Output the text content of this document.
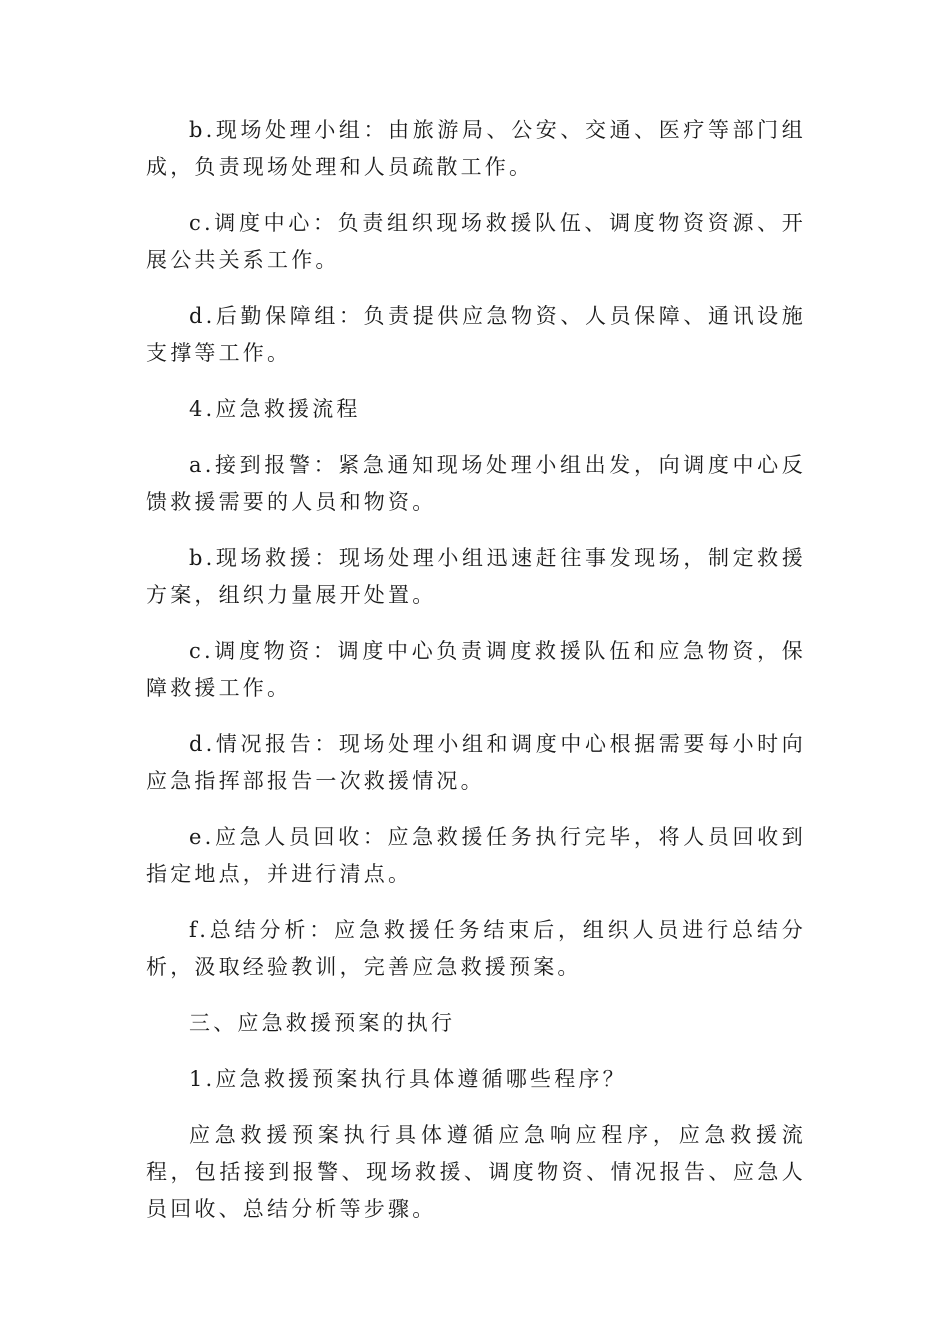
b.现场处理小组：由旅游局、公安、交通、医疗等部门组成，负责现场处理和人员疏散工作。

c.调度中心：负责组织现场救援队伍、调度物资资源、开展公共关系工作。

d.后勤保障组：负责提供应急物资、人员保障、通讯设施支撑等工作。

4.应急救援流程

a.接到报警：紧急通知现场处理小组出发，向调度中心反馈救援需要的人员和物资。

b.现场救援：现场处理小组迅速赶往事发现场，制定救援方案，组织力量展开处置。

c.调度物资：调度中心负责调度救援队伍和应急物资，保障救援工作。

d.情况报告：现场处理小组和调度中心根据需要每小时向应急指挥部报告一次救援情况。

e.应急人员回收：应急救援任务执行完毕，将人员回收到指定地点，并进行清点。

f.总结分析：应急救援任务结束后，组织人员进行总结分析，汲取经验教训，完善应急救援预案。

三、应急救援预案的执行

1.应急救援预案执行具体遵循哪些程序？

应急救援预案执行具体遵循应急响应程序，应急救援流程，包括接到报警、现场救援、调度物资、情况报告、应急人员回收、总结分析等步骤。
